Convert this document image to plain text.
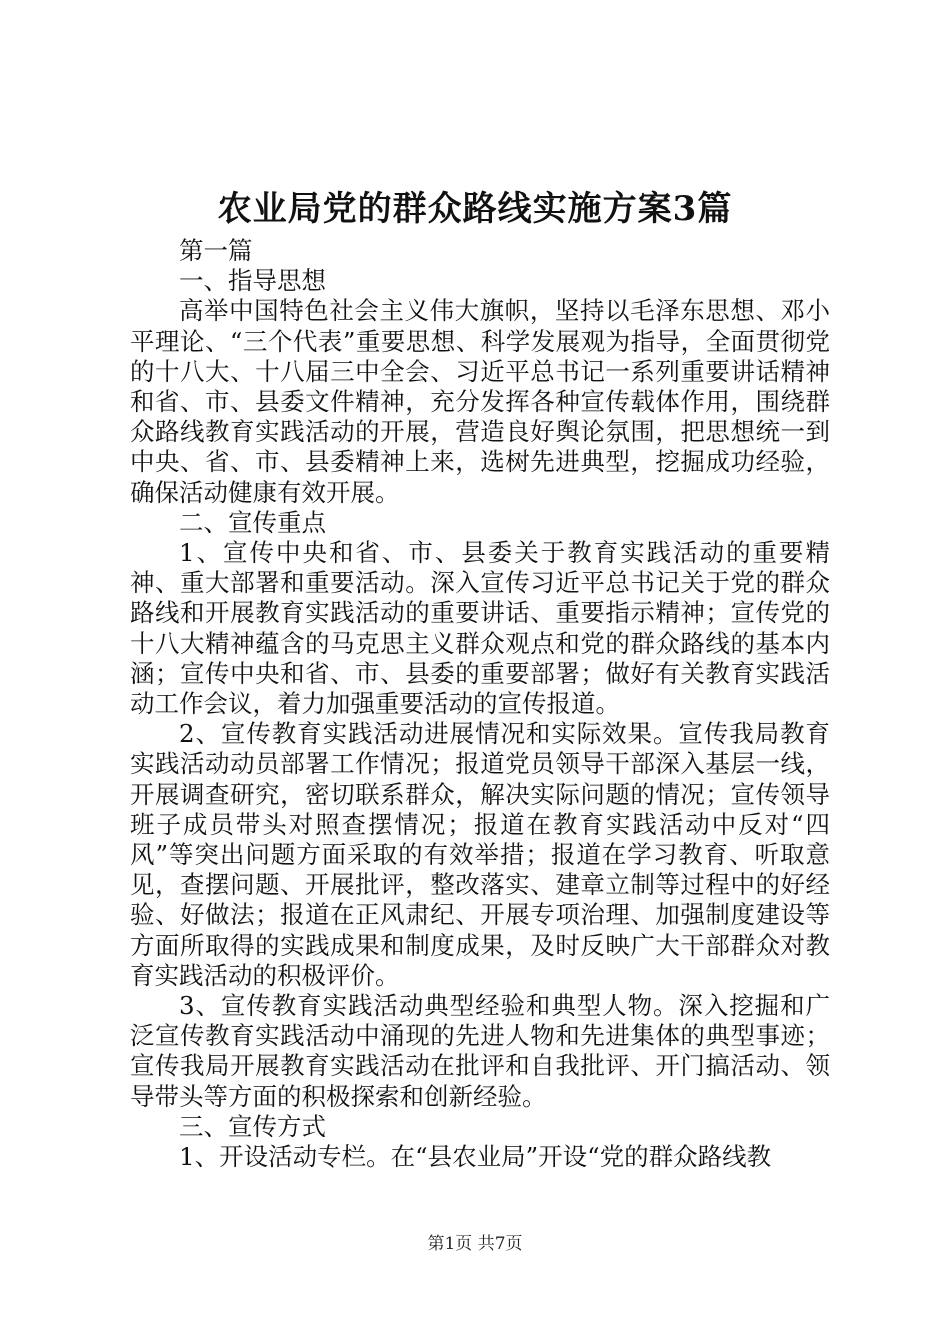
农业局党的群众路线实施方案3篇

第一篇

一、指导思想

高举中国特色社会主义伟大旗帜，坚持以毛泽东思想、邓小平理论、“三个代表”重要思想、科学发展观为指导，全面贯彻党的十八大、十八届三中全会、习近平总书记一系列重要讲话精神和省、市、县委文件精神，充分发挥各种宣传载体作用，围绕群众路线教育实践活动的开展，营造良好舆论氛围，把思想统一到中央、省、市、县委精神上来，选树先进典型，挖掘成功经验，确保活动健康有效开展。

二、宣传重点

1、宣传中央和省、市、县委关于教育实践活动的重要精神、重大部署和重要活动。深入宣传习近平总书记关于党的群众路线和开展教育实践活动的重要讲话、重要指示精神；宣传党的十八大精神蕴含的马克思主义群众观点和党的群众路线的基本内涵；宣传中央和省、市、县委的重要部署；做好有关教育实践活动工作会议，着力加强重要活动的宣传报道。

2、宣传教育实践活动进展情况和实际效果。宣传我局教育实践活动动员部署工作情况；报道党员领导干部深入基层一线，开展调查研究，密切联系群众，解决实际问题的情况；宣传领导班子成员带头对照查摆情况；报道在教育实践活动中反对“四风”等突出问题方面采取的有效举措；报道在学习教育、听取意见，查摆问题、开展批评，整改落实、建章立制等过程中的好经验、好做法；报道在正风肃纪、开展专项治理、加强制度建设等方面所取得的实践成果和制度成果，及时反映广大干部群众对教育实践活动的积极评价。

3、宣传教育实践活动典型经验和典型人物。深入挖掘和广泛宣传教育实践活动中涌现的先进人物和先进集体的典型事迹；宣传我局开展教育实践活动在批评和自我批评、开门搞活动、领导带头等方面的积极探索和创新经验。

三、宣传方式

1、开设活动专栏。在“县农业局”开设“党的群众路线教

第1页 共7页
